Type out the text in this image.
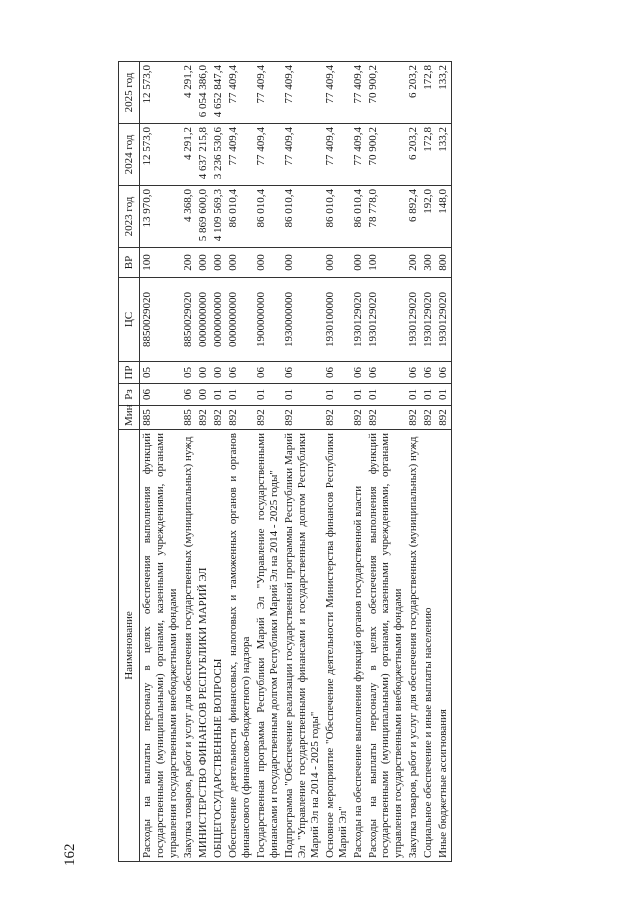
162
Наименование	Мин	Рз	ПР	ЦС	ВР	2023 год	2024 год	2025 год
Расходы на выплаты персоналу в целях обеспечения выполнения функций государственными (муниципальными) органами, казенными учреждениями, органами управления государственными внебюджетными фондами	885	06	05	8850029020	100	13 970,0	12 573,0	12 573,0
Закупка товаров, работ и услуг для обеспечения государственных (муниципальных) нужд	885	06	05	8850029020	200	4 368,0	4 291,2	4 291,2
МИНИСТЕРСТВО ФИНАНСОВ РЕСПУБЛИКИ МАРИЙ ЭЛ	892	00	00	0000000000	000	5 869 600,0	4 637 215,8	6 054 386,0
ОБЩЕГОСУДАРСТВЕННЫЕ ВОПРОСЫ	892	01	00	0000000000	000	4 109 569,3	3 236 530,6	4 652 847,4
Обеспечение деятельности финансовых, налоговых и таможенных органов и органов финансового (финансово-бюджетного) надзора	892	01	06	0000000000	000	86 010,4	77 409,4	77 409,4
Государственная программа Республики Марий Эл "Управление государственными финансами и государственным долгом Республики Марий Эл на 2014 - 2025 годы"	892	01	06	1900000000	000	86 010,4	77 409,4	77 409,4
Подпрограмма "Обеспечение реализации государственной программы Республики Марий Эл "Управление государственными финансами и государственным долгом Республики Марий Эл на 2014 - 2025 годы"	892	01	06	1930000000	000	86 010,4	77 409,4	77 409,4
Основное мероприятие "Обеспечение деятельности Министерства финансов Республики Марий Эл"	892	01	06	1930100000	000	86 010,4	77 409,4	77 409,4
Расходы на обеспечение выполнения функций органов государственной власти	892	01	06	1930129020	000	86 010,4	77 409,4	77 409,4
Расходы на выплаты персоналу в целях обеспечения выполнения функций государственными (муниципальными) органами, казенными учреждениями, органами управления государственными внебюджетными фондами	892	01	06	1930129020	100	78 778,0	70 900,2	70 900,2
Закупка товаров, работ и услуг для обеспечения государственных (муниципальных) нужд	892	01	06	1930129020	200	6 892,4	6 203,2	6 203,2
Социальное обеспечение и иные выплаты населению	892	01	06	1930129020	300	192,0	172,8	172,8
Иные бюджетные ассигнования	892	01	06	1930129020	800	148,0	133,2	133,2
